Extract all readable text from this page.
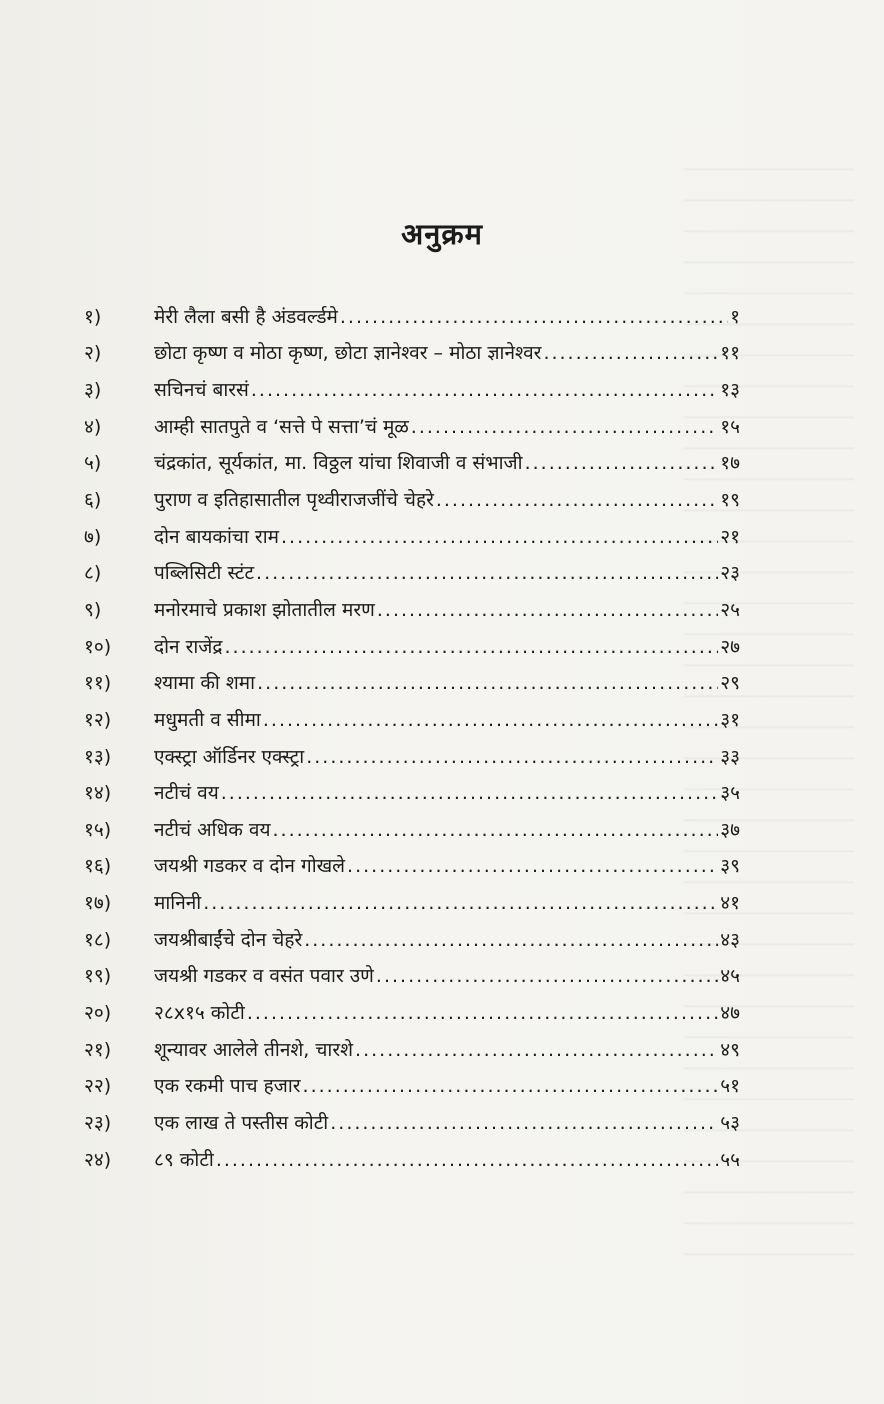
अनुक्रम
१)	मेरी लैला बसी है अंडवर्ल्डमे .....	१
२)	छोटा कृष्ण व मोठा कृष्ण, छोटा ज्ञानेश्वर – मोठा ज्ञानेश्वर .....	११
३)	सचिनचं बारसं .....	१३
४)	आम्ही सातपुते व ‘सत्ते पे सत्ता’चं मूळ .....	१५
५)	चंद्रकांत, सूर्यकांत, मा. विठ्ठल यांचा शिवाजी व संभाजी .....	१७
६)	पुराण व इतिहासातील पृथ्वीराजजींचे चेहरे .....	१९
७)	दोन बायकांचा राम .....	२१
८)	पब्लिसिटी स्टंट .....	२३
९)	मनोरमाचे प्रकाश झोतातील मरण .....	२५
१०)	दोन राजेंद्र .....	२७
११)	श्यामा की शमा .....	२९
१२)	मधुमती व सीमा .....	३१
१३)	एक्स्ट्रा ऑर्डिनर एक्स्ट्रा .....	३३
१४)	नटीचं वय .....	३५
१५)	नटीचं अधिक वय .....	३७
१६)	जयश्री गडकर व दोन गोखले .....	३९
१७)	मानिनी .....	४१
१८)	जयश्रीबाईंचे दोन चेहरे .....	४३
१९)	जयश्री गडकर व वसंत पवार उणे .....	४५
२०)	२८x१५ कोटी .....	४७
२१)	शून्यावर आलेले तीनशे, चारशे .....	४९
२२)	एक रकमी पाच हजार .....	५१
२३)	एक लाख ते पस्तीस कोटी .....	५३
२४)	८९ कोटी .....	५५
